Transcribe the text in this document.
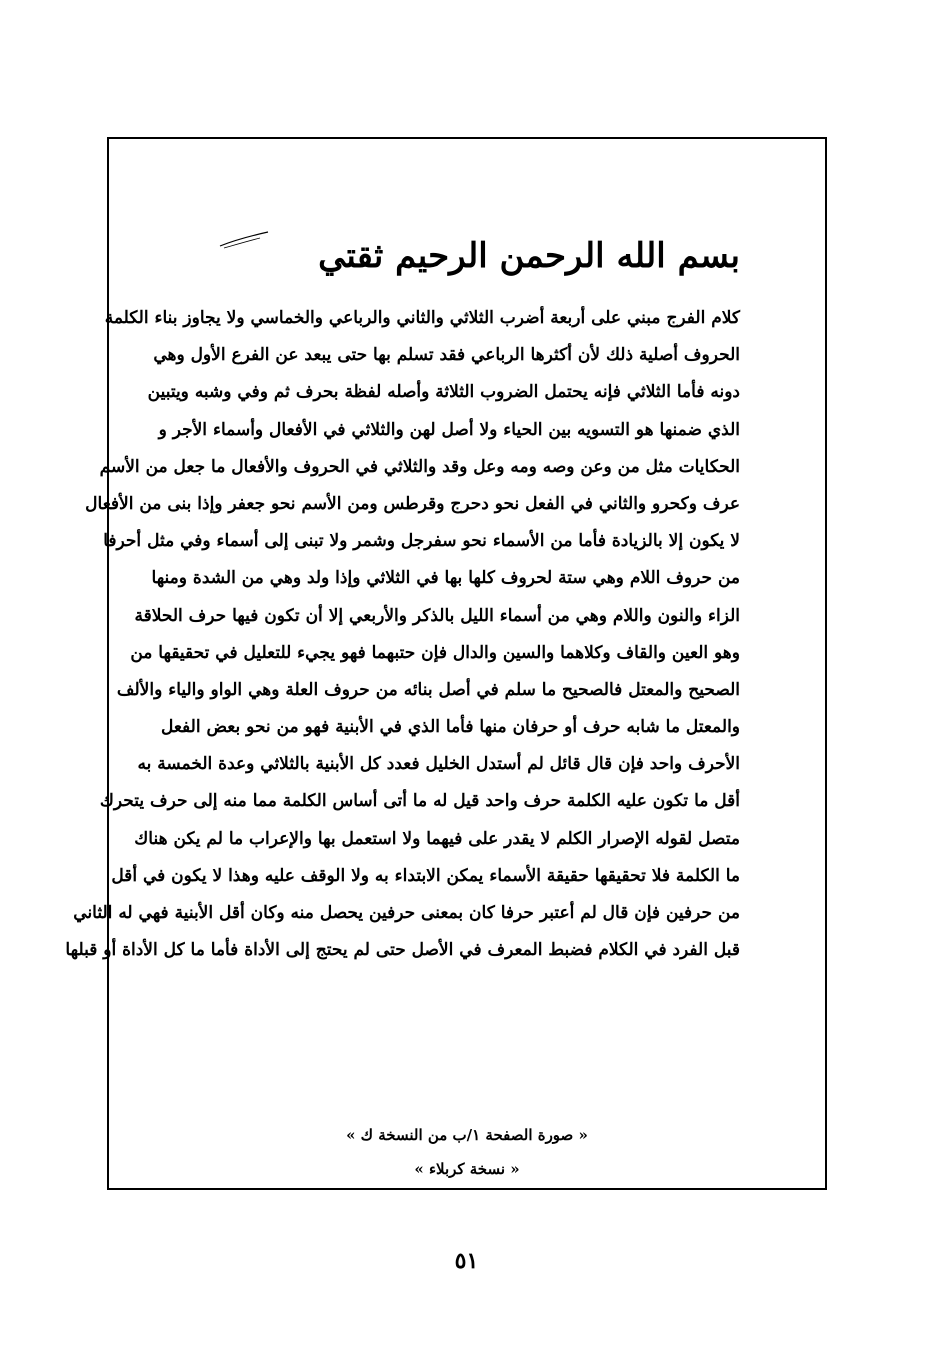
بسم الله الرحمن الرحيم ثقتي
كلام الفرج مبني على أربعة أضرب الثلاثي والثاني والرباعي والخماسي ولا يجاوز بناء الكلمة
الحروف أصلية ذلك لأن أكثرها الرباعي فقد تسلم بها حتى يبعد عن الفرع الأول وهي
دونه فأما الثلاثي فإنه يحتمل الضروب الثلاثة وأصله لفظة بحرف ثم وفي وشبه ويتبين
الذي ضمنها هو التسويه بين الحياء ولا أصل لهن والثلاثي في الأفعال وأسماء الأجر و
الحكايات مثل من وعن وصه ومه وعل وقد والثلاثي في الحروف والأفعال ما جعل من الأسم
عرف وكحرو والثاني في الفعل نحو دحرج وقرطس ومن الأسم نحو جعفر وإذا بنى من الأفعال
لا يكون إلا بالزيادة فأما من الأسماء نحو سفرجل وشمر ولا تبنى إلى أسماء وفي مثل أحرفا
من حروف اللام وهي ستة لحروف كلها بها في الثلاثي وإذا ولد وهي من الشدة ومنها
الزاء والنون واللام وهي من أسماء الليل بالذكر والأربعي إلا أن تكون فيها حرف الحلاقة
وهو العين والقاف وكلاهما والسين والدال فإن حتبهما فهو يجيء للتعليل في تحقيقها من
الصحيح والمعتل فالصحيح ما سلم في أصل بنائه من حروف العلة وهي الواو والياء والألف
والمعتل ما شابه حرف أو حرفان منها فأما الذي في الأبنية فهو من نحو بعض الفعل
الأحرف واحد فإن قال قائل لم أستدل الخليل فعدد كل الأبنية بالثلاثي وعدة الخمسة به
أقل ما تكون عليه الكلمة حرف واحد قيل له ما أتى أساس الكلمة مما منه إلى حرف يتحرك
متصل لقوله الإصرار الكلم لا يقدر على فيهما ولا استعمل بها والإعراب ما لم يكن هناك
ما الكلمة فلا تحقيقها حقيقة الأسماء يمكن الابتداء به ولا الوقف عليه وهذا لا يكون في أقل
من حرفين فإن قال لم أعتبر حرفا كان بمعنى حرفين يحصل منه وكان أقل الأبنية فهي له الثاني
قبل الفرد في الكلام فضبط المعرف في الأصل حتى لم يحتج إلى الأداة فأما ما كل الأداة أو قبلها
« صورة الصفحة ١/ب من النسخة ك »
« نسخة كربلاء »
٥١
